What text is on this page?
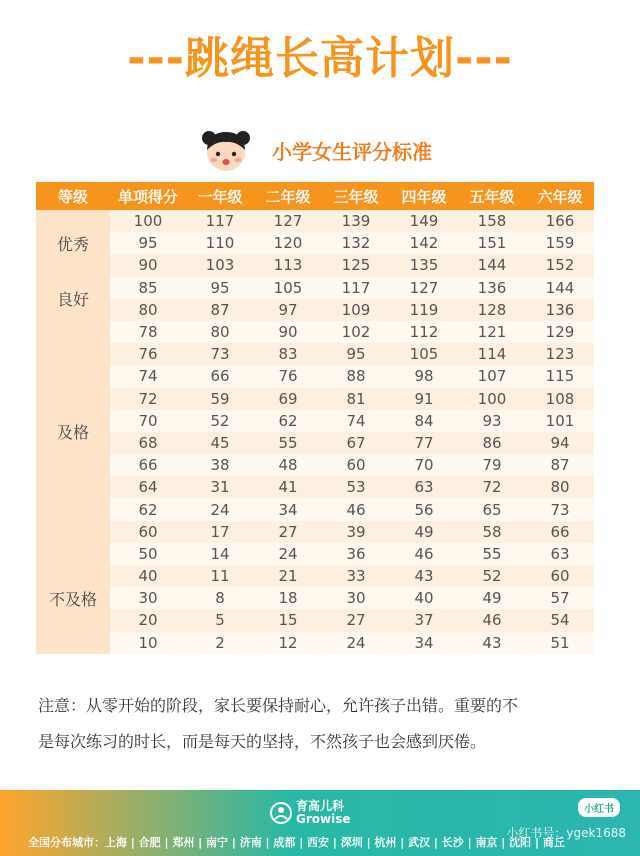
---跳绳长高计划---
小学女生评分标准
等级	单项得分	一年级	二年级	三年级	四年级	五年级	六年级
优秀	100	117	127	139	149	158	166
	95	110	120	132	142	151	159
	90	103	113	125	135	144	152
良好	85	95	105	117	127	136	144
	80	87	97	109	119	128	136
及格	78	80	90	102	112	121	129
	76	73	83	95	105	114	123
	74	66	76	88	98	107	115
	72	59	69	81	91	100	108
	70	52	62	74	84	93	101
	68	45	55	67	77	86	94
	66	38	48	60	70	79	87
	64	31	41	53	63	72	80
	62	24	34	46	56	65	73
	60	17	27	39	49	58	66
不及格	50	14	24	36	46	55	63
	40	11	21	33	43	52	60
	30	8	18	30	40	49	57
	20	5	15	27	37	46	54
	10	2	12	24	34	43	51
注意：从零开始的阶段，家长要保持耐心，允许孩子出错。重要的不
是每次练习的时长，而是每天的坚持，不然孩子也会感到厌倦。
育高儿科
Growise
小红书
小红书号：ygek1688
全国分布城市：上海 | 合肥 | 郑州 | 南宁 | 济南 | 成都 | 西安 | 深圳 | 杭州 | 武汉 | 长沙 | 南京 | 沈阳 | 商丘
